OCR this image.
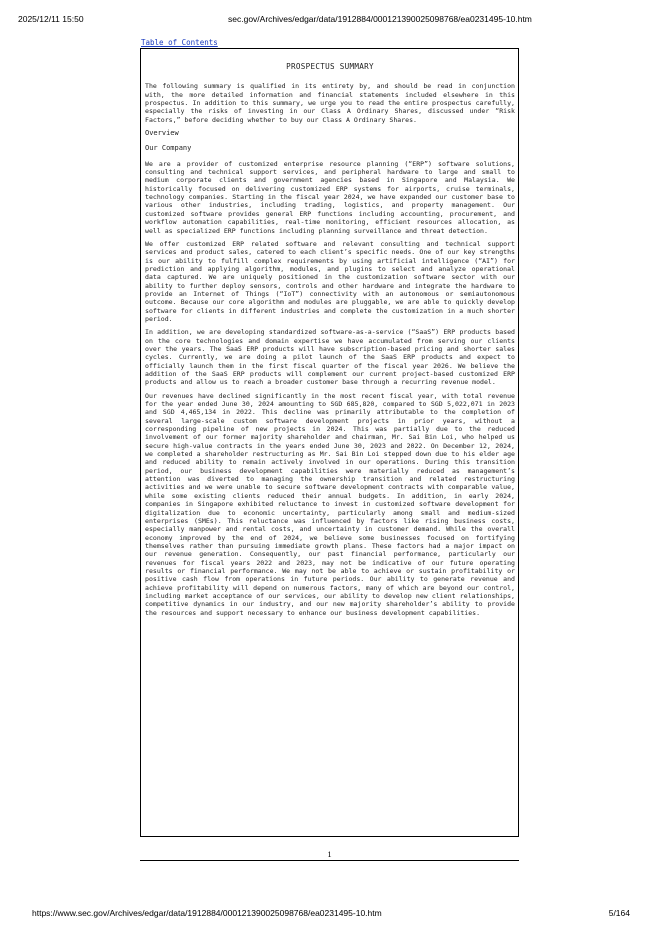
2025/12/11 15:50	sec.gov/Archives/edgar/data/1912884/000121390025098768/ea0231495-10.htm
Table of Contents
PROSPECTUS SUMMARY

The following summary is qualified in its entirety by, and should be read in conjunction with, the more detailed information and financial statements included elsewhere in this prospectus. In addition to this summary, we urge you to read the entire prospectus carefully, especially the risks of investing in our Class A Ordinary Shares, discussed under “Risk Factors,” before deciding whether to buy our Class A Ordinary Shares.

Overview
Our Company

We are a provider of customized enterprise resource planning (“ERP”) software solutions, consulting and technical support services, and peripheral hardware to large and small to medium corporate clients and government agencies based in Singapore and Malaysia. We historically focused on delivering customized ERP systems for airports, cruise terminals, technology companies. Starting in the fiscal year 2024, we have expanded our customer base to various other industries, including trading, logistics, and property management. Our customized software provides general ERP functions including accounting, procurement, and workflow automation capabilities, real-time monitoring, efficient resources allocation, as well as specialized ERP functions including planning surveillance and threat detection.

We offer customized ERP related software and relevant consulting and technical support services and product sales, catered to each client’s specific needs. One of our key strengths is our ability to fulfill complex requirements by using artificial intelligence (“AI”) for prediction and applying algorithm, modules, and plugins to select and analyze operational data captured. We are uniquely positioned in the customization software sector with our ability to further deploy sensors, controls and other hardware and integrate the hardware to provide an Internet of Things (“IoT”) connectivity with an autonomous or semiautonomous outcome. Because our core algorithm and modules are pluggable, we are able to quickly develop software for clients in different industries and complete the customization in a much shorter period.

In addition, we are developing standardized software-as-a-service (“SaaS”) ERP products based on the core technologies and domain expertise we have accumulated from serving our clients over the years. The SaaS ERP products will have subscription-based pricing and shorter sales cycles. Currently, we are doing a pilot launch of the SaaS ERP products and expect to officially launch them in the first fiscal quarter of the fiscal year 2026. We believe the addition of the SaaS ERP products will complement our current project-based customized ERP products and allow us to reach a broader customer base through a recurring revenue model.

Our revenues have declined significantly in the most recent fiscal year, with total revenue for the year ended June 30, 2024 amounting to SGD 685,820, compared to SGD 5,022,071 in 2023 and SGD 4,465,134 in 2022. This decline was primarily attributable to the completion of several large-scale custom software development projects in prior years, without a corresponding pipeline of new projects in 2024. This was partially due to the reduced involvement of our former majority shareholder and chairman, Mr. Sai Bin Loi, who helped us secure high-value contracts in the years ended June 30, 2023 and 2022. On December 12, 2024, we completed a shareholder restructuring as Mr. Sai Bin Loi stepped down due to his elder age and reduced ability to remain actively involved in our operations. During this transition period, our business development capabilities were materially reduced as management’s attention was diverted to managing the ownership transition and related restructuring activities and we were unable to secure software development contracts with comparable value, while some existing clients reduced their annual budgets. In addition, in early 2024, companies in Singapore exhibited reluctance to invest in customized software development for digitalization due to economic uncertainty, particularly among small and medium-sized enterprises (SMEs). This reluctance was influenced by factors like rising business costs, especially manpower and rental costs, and uncertainty in customer demand. While the overall economy improved by the end of 2024, we believe some businesses focused on fortifying themselves rather than pursuing immediate growth plans. These factors had a major impact on our revenue generation. Consequently, our past financial performance, particularly our revenues for fiscal years 2022 and 2023, may not be indicative of our future operating results or financial performance. We may not be able to achieve or sustain profitability or positive cash flow from operations in future periods. Our ability to generate revenue and achieve profitability will depend on numerous factors, many of which are beyond our control, including market acceptance of our services, our ability to develop new client relationships, competitive dynamics in our industry, and our new majority shareholder’s ability to provide the resources and support necessary to enhance our business development capabilities.

1
https://www.sec.gov/Archives/edgar/data/1912884/000121390025098768/ea0231495-10.htm	5/164
